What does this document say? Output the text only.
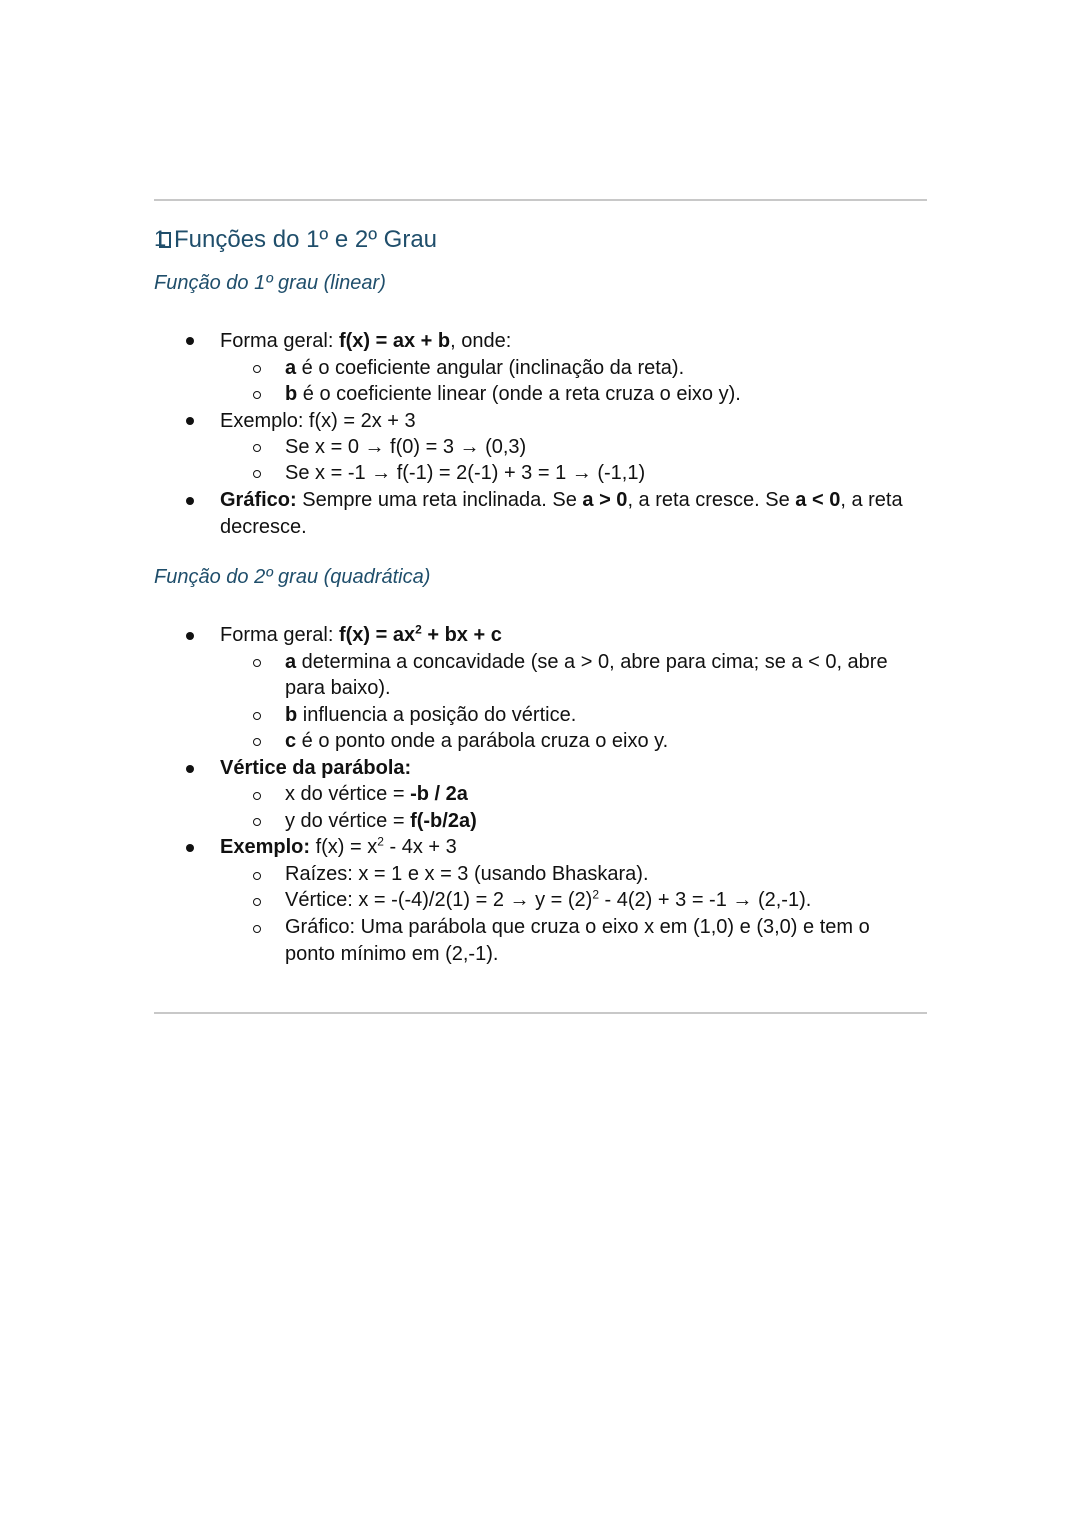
1 Funções do 1º e 2º Grau
Função do 1º grau (linear)
Forma geral: f(x) = ax + b, onde:
a é o coeficiente angular (inclinação da reta).
b é o coeficiente linear (onde a reta cruza o eixo y).
Exemplo: f(x) = 2x + 3
Se x = 0 → f(0) = 3 → (0,3)
Se x = -1 → f(-1) = 2(-1) + 3 = 1 → (-1,1)
Gráfico: Sempre uma reta inclinada. Se a > 0, a reta cresce. Se a < 0, a reta
decresce.
Função do 2º grau (quadrática)
Forma geral: $f(x) = ax^2$ + bx + c
a determina a concavidade (se a > 0, abre para cima; se a < 0, abre
para baixo).
b influencia a posição do vértice.
c é o ponto onde a parábola cruza o eixo y.
Vértice da parábola:
x do vértice = -b / 2a
y do vértice = f(-b/2a)
Exemplo: $f(x) = x^2 - 4x + 3$
Raízes: x = 1 e x = 3 (usando Bhaskara).
Vértice: $x = -(-4)/2(1) = 2 \to y = (2)^2 - 4(2) + 3 = -1 \to (2,-1)$.
Gráfico: Uma parábola que cruza o eixo x em (1,0) e (3,0) e tem o
ponto mínimo em (2,-1).
